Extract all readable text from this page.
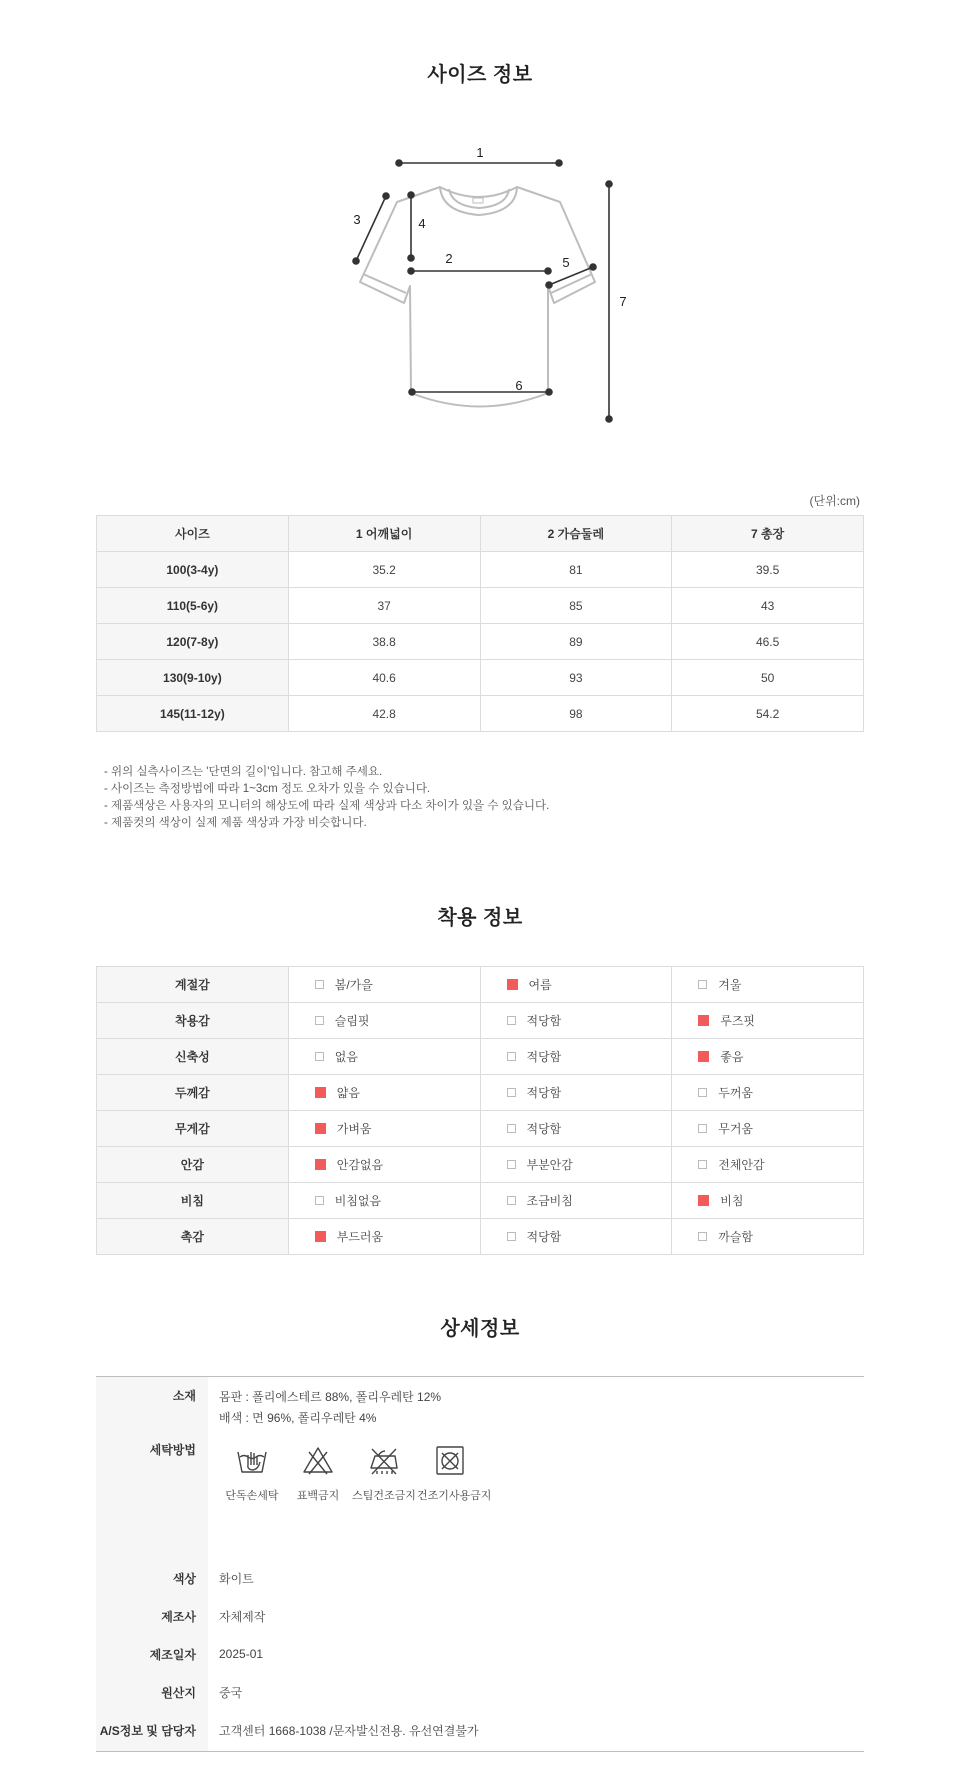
사이즈 정보
1
2
3	4
5
6
7
(단위:cm)
사이즈	1 어깨넓이	2 가슴둘레	7 총장
100(3-4y)	35.2	81	39.5
110(5-6y)	37	85	43
120(7-8y)	38.8	89	46.5
130(9-10y)	40.6	93	50
145(11-12y)	42.8	98	54.2
- 위의 실측사이즈는 '단면의 길이'입니다. 참고해 주세요.
- 사이즈는 측정방법에 따라 1~3cm 정도 오차가 있을 수 있습니다.
- 제품색상은 사용자의 모니터의 해상도에 따라 실제 색상과 다소 차이가 있을 수 있습니다.
- 제품컷의 색상이 실제 제품 색상과 가장 비슷합니다.
착용 정보
계절감	봄/가을	여름	겨울
착용감	슬림핏	적당함	루즈핏
신축성	없음	적당함	좋음
두께감	얇음	적당함	두꺼움
무게감	가벼움	적당함	무거움
안감	안감없음	부분안감	전체안감
비침	비침없음	조금비침	비침
촉감	부드러움	적당함	까슬함
상세정보
소재	몸판 : 폴리에스테르 88%, 폴리우레탄 12%
배색 : 면 96%, 폴리우레탄 4%

세탁방법	단독손세탁 표백금지 스팀건조금지 건조기사용금지

색상	화이트
제조사	자체제작
제조일자	2025-01
원산지	중국
A/S정보 및 담당자	고객센터 1668-1038 /문자발신전용. 유선연결불가
